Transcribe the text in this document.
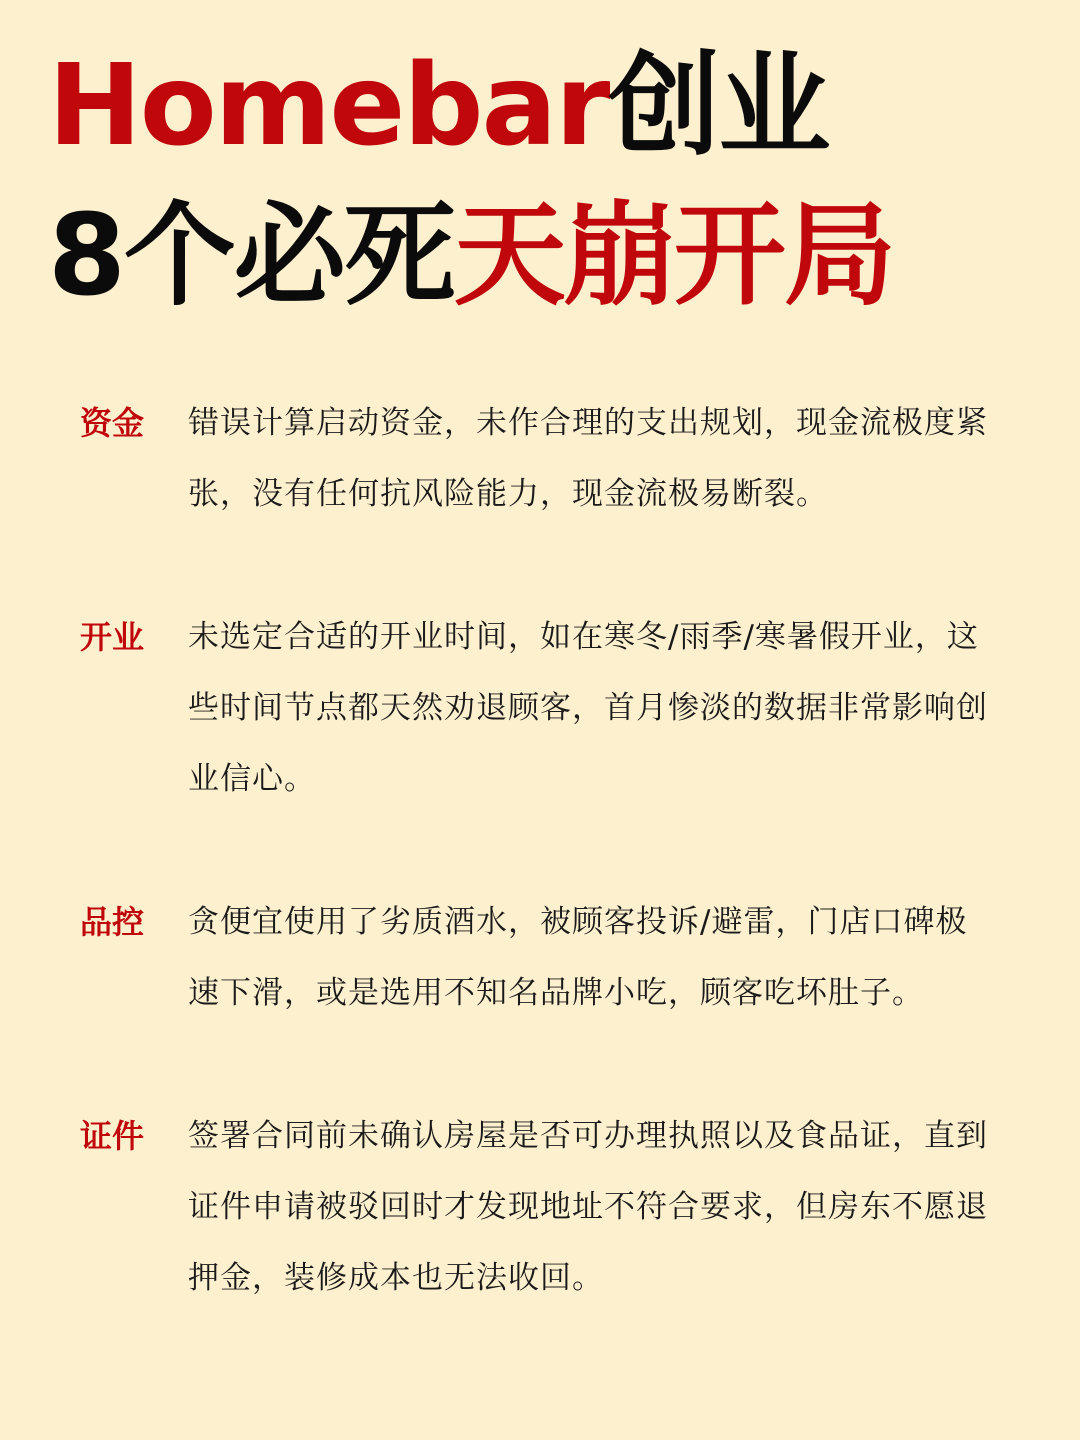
Homebar创业
8个必死天崩开局
资金	错误计算启动资金，未作合理的支出规划，现金流极度紧
张，没有任何抗风险能力，现金流极易断裂。
开业	未选定合适的开业时间，如在寒冬/雨季/寒暑假开业，这
些时间节点都天然劝退顾客，首月惨淡的数据非常影响创
业信心。
品控	贪便宜使用了劣质酒水，被顾客投诉/避雷，门店口碑极
速下滑，或是选用不知名品牌小吃，顾客吃坏肚子。
证件	签署合同前未确认房屋是否可办理执照以及食品证，直到
证件申请被驳回时才发现地址不符合要求，但房东不愿退
押金，装修成本也无法收回。
